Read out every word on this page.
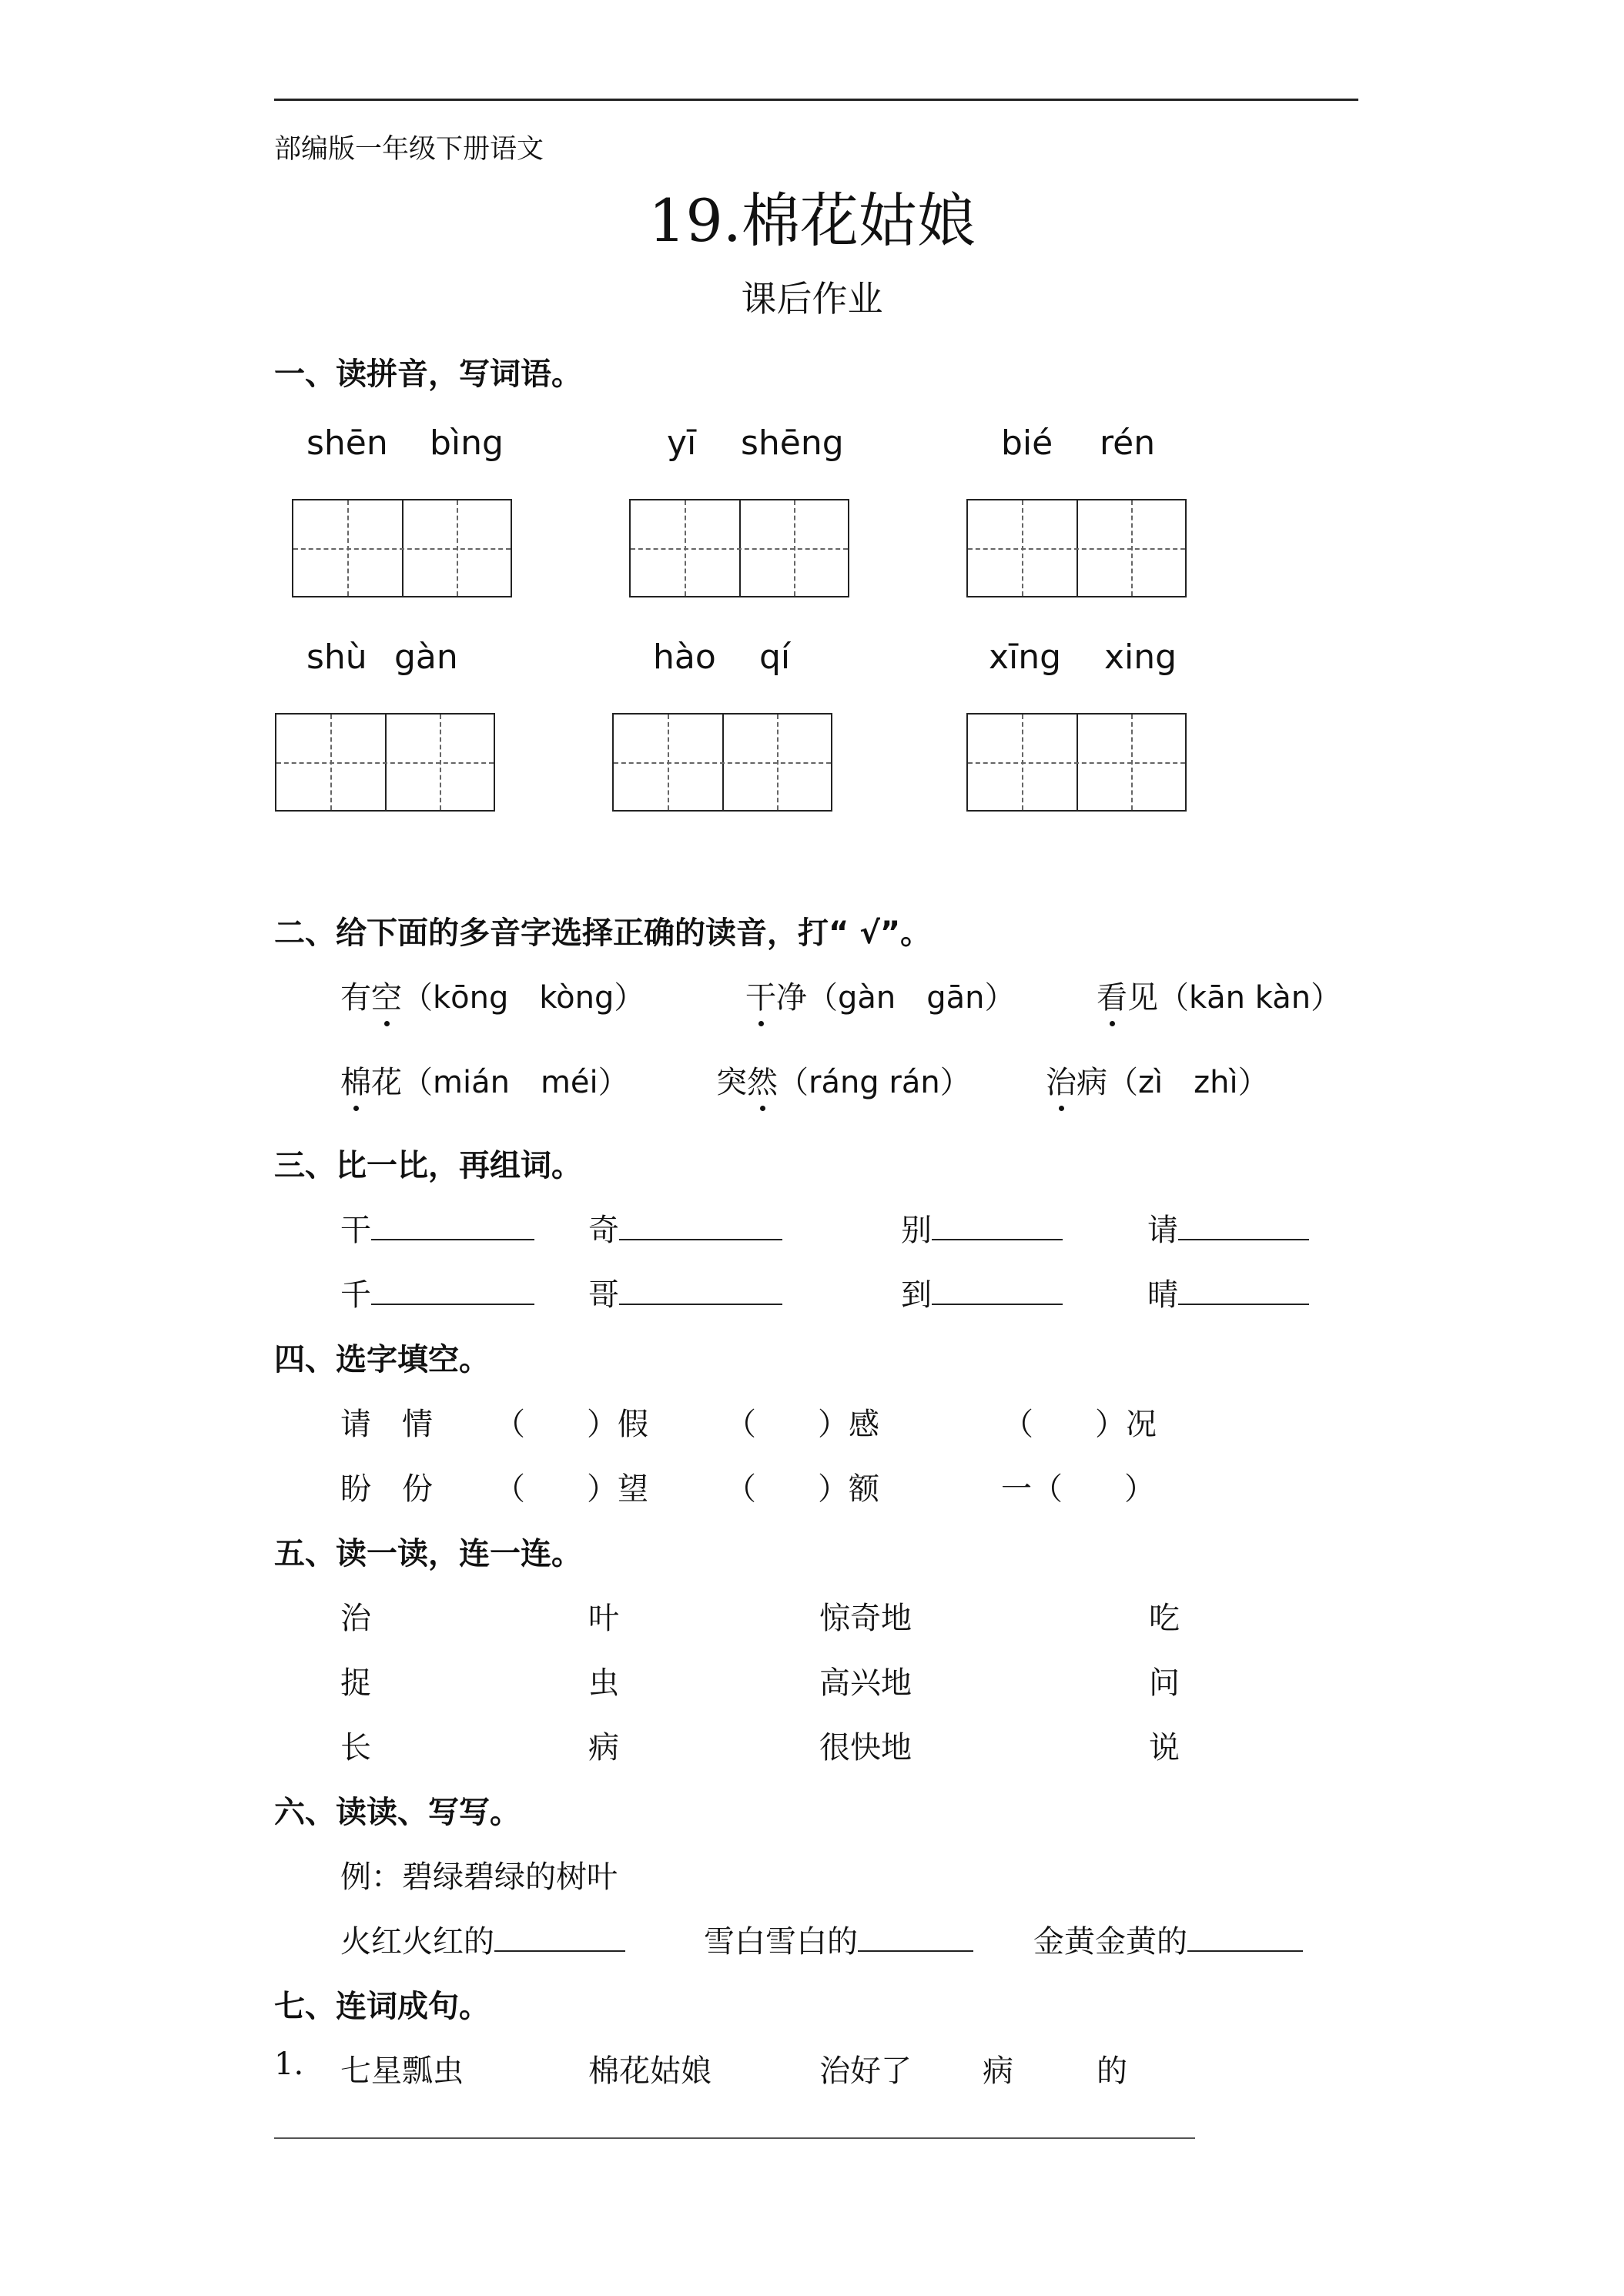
部编版一年级下册语文
19.棉花姑娘
课后作业
一、读拼音，写词语。
shēn bìng	yī shēng	bié rén
shù gàn	hào qí	xīng xing
二、给下面的多音字选择正确的读音，打“ √”。
有空（kōng　kòng）	干净（gàn　gān）	看见（kān kàn）
棉花（mián　méi）	突然（ráng rán） 治病（zì　zhì）
三、比一比，再组词。
干	奇	别	请
千	哥	到	晴
四、选字填空。
请　情 （　　）假	（　　）感	（　　）况
盼　份 （　　）望	（　　）额	一（　　）
五、读一读，连一连。
治	叶	惊奇地	吃
捉	虫	高兴地	问
长	病	很快地	说
六、读读、写写。
例：碧绿碧绿的树叶
火红火红的	雪白雪白的	金黄金黄的
七、连词成句。
1. 七星瓢虫	棉花姑娘	治好了 病	的
